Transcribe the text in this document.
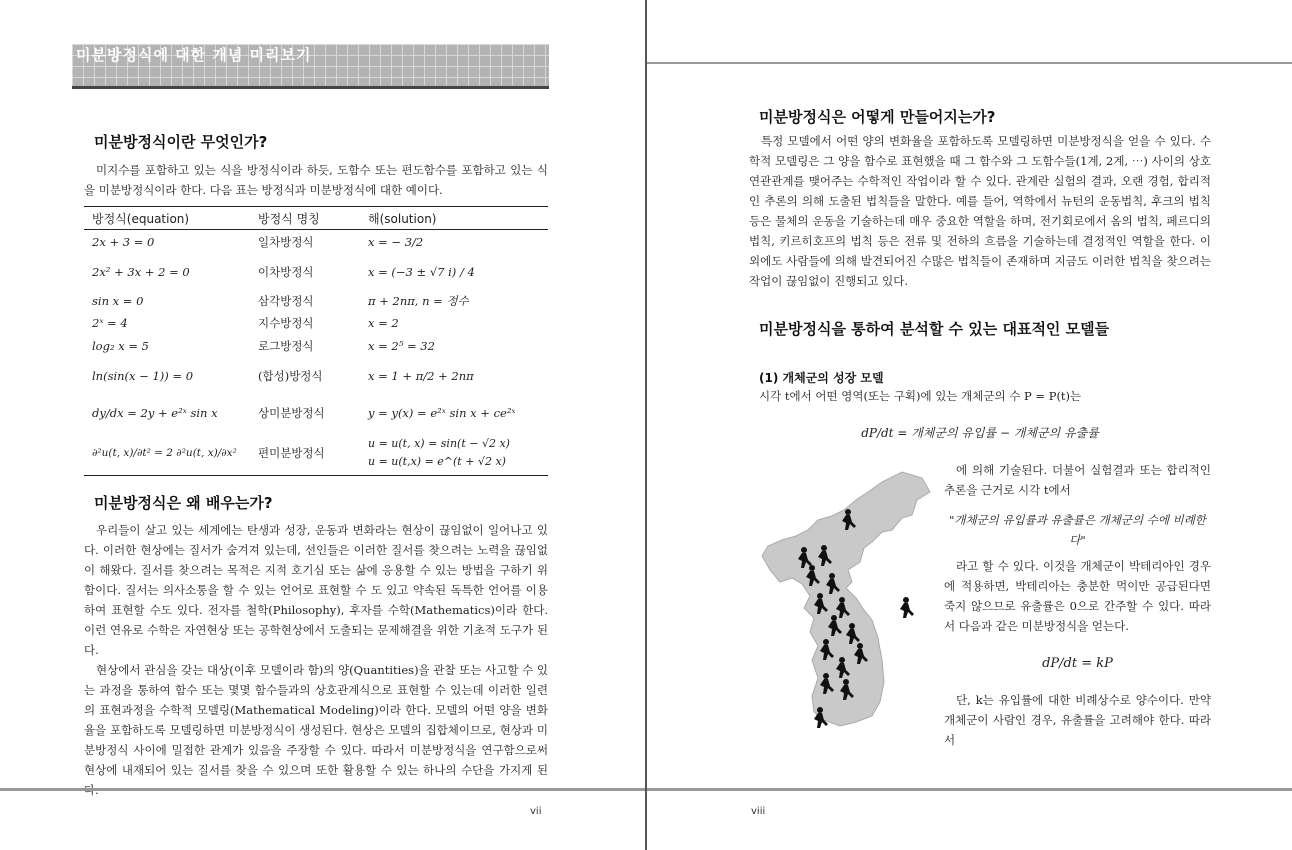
미분방정식에 대한 개념 미리보기
미분방정식이란 무엇인가?

미지수를 포함하고 있는 식을 방정식이라 하듯, 도함수 또는 편도함수를 포함하고 있는 식을 미분방정식이라 한다. 다음 표는 방정식과 미분방정식에 대한 예이다.

방정식(equation)	방정식 명칭	해(solution)
2x + 3 = 0	일차방정식	x = − 3/2
2x² + 3x + 2 = 0	이차방정식	x = (−3 ± √7 i) / 4
sin x = 0	삼각방정식	π + 2nπ, n = 정수
2ˣ = 4	지수방정식	x = 2
log₂ x = 5	로그방정식	x = 2⁵ = 32
ln(sin(x − 1)) = 0	(합성)방정식	x = 1 + π/2 + 2nπ
dy/dx = 2y + e²ˣ sin x	상미분방정식	y = y(x) = e²ˣ sin x + ce²ˣ
∂²u(t, x)/∂t² = 2 ∂²u(t, x)/∂x²	편미분방정식	u = u(t, x) = sin(t − √2 x)
u = u(t,x) = e^(t + √2 x)
미분방정식은 왜 배우는가?

우리들이 살고 있는 세계에는 탄생과 성장, 운동과 변화라는 현상이 끊임없이 일어나고 있다. 이러한 현상에는 질서가 숨겨져 있는데, 선인들은 이러한 질서를 찾으려는 노력을 끊임없이 해왔다. 질서를 찾으려는 목적은 지적 호기심 또는 삶에 응용할 수 있는 방법을 구하기 위함이다. 질서는 의사소통을 할 수 있는 언어로 표현할 수 도 있고 약속된 독특한 언어를 이용하여 표현할 수도 있다. 전자를 철학(Philosophy), 후자를 수학(Mathematics)이라 한다. 이런 연유로 수학은 자연현상 또는 공학현상에서 도출되는 문제해결을 위한 기초적 도구가 된다.

현상에서 관심을 갖는 대상(이후 모델이라 함)의 양(Quantities)을 관찰 또는 사고할 수 있는 과정을 통하여 함수 또는 몇몇 함수들과의 상호관계식으로 표현할 수 있는데 이러한 일련의 표현과정을 수학적 모델링(Mathematical Modeling)이라 한다. 모델의 어떤 양을 변화율을 포함하도록 모델링하면 미분방정식이 생성된다. 현상은 모델의 집합체이므로, 현상과 미분방정식 사이에 밀접한 관계가 있음을 주장할 수 있다. 따라서 미분방정식을 연구함으로써 현상에 내재되어 있는 질서를 찾을 수 있으며 또한 활용할 수 있는 하나의 수단을 가지게 된

vii
미분방정식은 어떻게 만들어지는가?

특정 모델에서 어떤 양의 변화율을 포함하도록 모델링하면 미분방정식을 얻을 수 있다. 수학적 모델링은 그 양을 함수로 표현했을 때 그 함수와 그 도함수들(1계, 2계, ⋯) 사이의 상호연관관계를 맺어주는 수학적인 작업이라 할 수 있다. 관계란 실험의 결과, 오랜 경험, 합리적인 추론의 의해 도출된 법칙들을 말한다. 예를 들어, 역학에서 뉴턴의 운동법칙, 후크의 법칙 등은 물체의 운동을 기술하는데 매우 중요한 역할을 하며, 전기회로에서 옴의 법칙, 페르디의 법칙, 키르히호프의 법칙 등은 전류 및 전하의 흐름을 기술하는데 결정적인 역할을 한다. 이 외에도 사람들에 의해 발견되어진 수많은 법칙들이 존재하며 지금도 이러한 법칙을 찾으려는 작업이 끊임없이 진행되고 있다.

미분방정식을 통하여 분석할 수 있는 대표적인 모델들
(1) 개체군의 성장 모델

시각 t에서 어떤 영역(또는 구획)에 있는 개체군의 수 P = P(t)는

dP/dt = 개체군의 유입률 − 개체군의 유출률

에 의해 기술된다. 더불어 실험결과 또는 합리적인 추론을 근거로 시각 t에서

"개체군의 유입률과 유출률은 개체군의 수에 비례한다"

라고 할 수 있다. 이것을 개체군이 박테리아인 경우에 적용하면, 박테리아는 충분한 먹이만 공급된다면 죽지 않으므로 유출률은 0으로 간주할 수 있다. 따라서 다음과 같은 미분방정식을 얻는다.

dP/dt = kP

단, k는 유입률에 대한 비례상수로 양수이다. 만약 개체군이 사람인 경우, 유출률을 고려해야 한다. 따라서

viii
